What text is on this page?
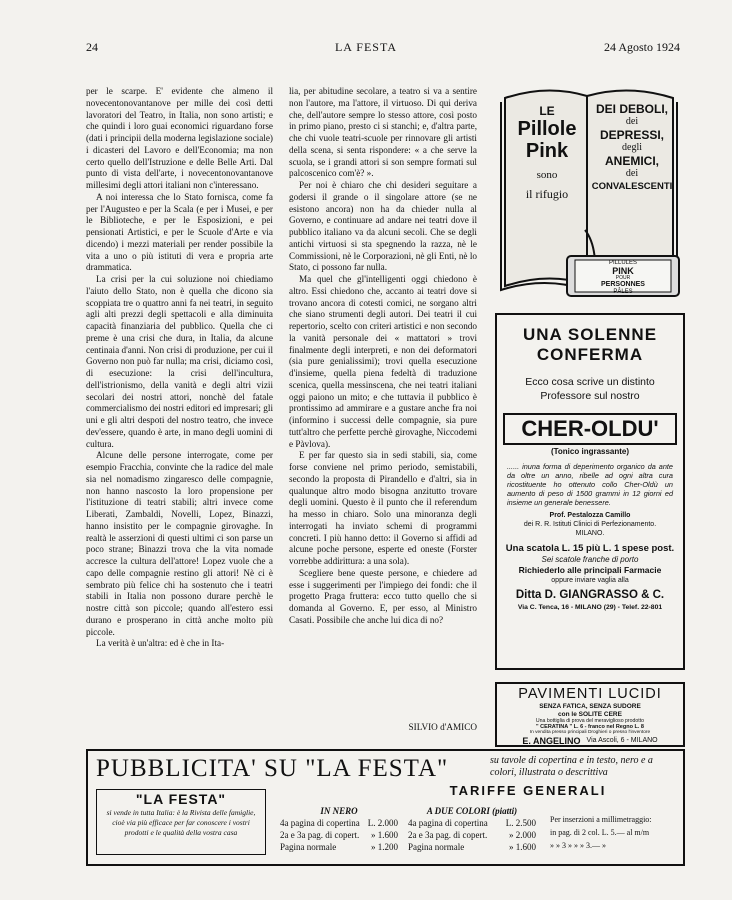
24	LA FESTA	24 Agosto 1924

per le scarpe. E' evidente che almeno il novecentonovantanove per mille dei così detti lavoratori del Teatro, in Italia, non sono artisti; e che quindi i loro guai economici riguardano forse (dati i principii della moderna legislazione sociale) i dicasteri del Lavoro e dell'Economia; ma non certo quello dell'Istruzione e delle Belle Arti. Dal punto di vista dell'arte, i novecentonovantanove millesimi degli attori italiani non c'interessano.

A noi interessa che lo Stato fornisca, come fa per l'Augusteo e per la Scala (e per i Musei, e per le Biblioteche, e per le Esposizioni, e pei pensionati Artistici, e per le Scuole d'Arte e via dicendo) i mezzi materiali per render possibile la vita a uno o più istituti di vera e propria arte drammatica.

La crisi per la cui soluzione noi chiediamo l'aiuto dello Stato, non è quella che dicono sia scoppiata tre o quattro anni fa nei teatri, in seguito agli alti prezzi degli spettacoli e alla diminuita capacità finanziaria del pubblico. Quella che ci preme è una crisi che dura, in Italia, da alcune centinaia d'anni. Non crisi di produzione, per cui il Governo non può far nulla; ma crisi, diciamo così, di esecuzione: la crisi dell'incultura, dell'istrionismo, della vanità e degli altri vizii secolari dei nostri attori, nonchè del fatale commercialismo dei nostri editori ed impresari; gli uni e gli altri despoti del nostro teatro, che invece dev'essere, quando è arte, in mano degli uomini di cultura.

Alcune delle persone interrogate, come per esempio Fracchia, convinte che la radice del male sia nel nomadismo zingaresco delle compagnie, non hanno nascosto la loro propensione per l'istituzione di teatri stabili; altri invece come Liberati, Zambaldi, Novelli, Lopez, Binazzi, hanno insistito per le compagnie girovaghe. In realtà le asserzioni di questi ultimi ci son parse un poco strane; Binazzi trova che la vita nomade accresce la cultura dell'attore! Lopez vuole che a capo delle compagnie restino gli attori! Nè ci è sembrato più felice chi ha sostenuto che i teatri stabili in Italia non possono durare perchè le nostre città son piccole; quando all'estero essi durano e prosperano in città anche molto più piccole.

La verità è un'altra: ed è che in Ita-

lia, per abitudine secolare, a teatro si va a sentire non l'autore, ma l'attore, il virtuoso. Di qui deriva che, dell'autore sempre lo stesso attore, così posto in primo piano, presto ci si stanchi; e, d'altra parte, che chi vuole teatri-scuole per rinnovare gli artisti della scena, si senta rispondere: « a che serve la scuola, se i grandi attori si son sempre formati sul palcoscenico com'è? ».

Per noi è chiaro che chi desideri seguitare a godersi il grande o il singolare attore (se ne esistono ancora) non ha da chieder nulla al Governo, e continuare ad andare nei teatri dove il pubblico italiano va da alcuni secoli. Che se degli antichi virtuosi si sta spegnendo la razza, nè le Commissioni, nè le Corporazioni, nè gli Enti, nè lo Stato, ci possono far nulla.

Ma quel che gl'intelligenti oggi chiedono è altro. Essi chiedono che, accanto ai teatri dove si trovano ancora di cotesti comici, ne sorgano altri che siano strumenti degli autori. Dei teatri il cui repertorio, scelto con criteri artistici e non secondo la vanità personale dei « mattatori » trovi finalmente degli interpreti, e non dei deformatori (sia pure genialissimi); trovi quella esecuzione d'insieme, quella piena fedeltà di traduzione scenica, quella messinscena, che nei teatri italiani oggi paiono un mito; e che tuttavia il pubblico è prontissimo ad ammirare e a gustare anche fra noi (informino i successi delle compagnie, sia pure tutt'altro che perfette perchè girovaghe, Niccodemi e Pàvlova).

E per far questo sia in sedi stabili, sia, come forse conviene nel primo periodo, semistabili, secondo la proposta di Pirandello e d'altri, sia in qualunque altro modo bisogna anzitutto trovare degli uomini. Questo è il punto che il referendum ha messo in chiaro. Solo una minoranza degli interrogati ha inviato schemi di programmi concreti. I più hanno detto: il Governo si affidi ad alcune poche persone, esperte ed oneste (Forster vorrebbe addirittura: a una sola).

Scegliere bene queste persone, e chiedere ad esse i suggerimenti per l'impiego dei fondi: che il progetto Praga fruttera: ecco tutto quello che si domanda al Governo. E, per esso, al Ministro Casati. Possibile che anche lui dica di no?

SILVIO d'AMICO
LE
Pillole
Pink
sono
il rifugio
DEI DEBOLI,
dei
DEPRESSI,
degli
ANEMICI,
dei
CONVALESCENTI
PILLULES
PINK
POUR
PERSONNES
PÂLES
UNA SOLENNE
CONFERMA
Ecco cosa scrive un distinto
Professore sul nostro
CHER-OLDU'
(Tonico ingrassante)
...... inuna forma di deperimento organico da ante da oltre un anno, ribelle ad ogni altra cura ricostituente ho ottenuto collo Cher-Oldù un aumento di peso di 1500 grammi in 12 giorni ed insieme un generale benessere.
Prof. Pestalozza Camillo
dei R. R. Istituti Clinici di Perfezionamento.
MILANO.
Una scatola L. 15 più L. 1 spese post.
Sei scatole franche di porto
Richiederlo alle principali Farmacie
oppure inviare vaglia alla
Ditta D. GIANGRASSO & C.
Via C. Tenca, 16 - MILANO (29) - Telef. 22-801
PAVIMENTI LUCIDI
SENZA FATICA, SENZA SUDORE
con le SOLITE CERE
Una bottiglia di prova del meraviglioso prodotto
" CERATINA " L. 6 - franco nel Regno L. 8
In vendita presso principali Droghieri o presso l'inventore
E. ANGELINO Via Ascoli, 6 - MILANO
PUBBLICITA' SU "LA FESTA"	su tavole di copertina e in testo, nero e a colori, illustrata o descrittiva
TARIFFE GENERALI
"LA FESTA"
si vende in tutta Italia: è la Rivista delle famiglie, cioè via più efficace per far conoscere i vostri prodotti e le qualità della vostra casa
IN NERO
4a pagina di copertina L. 2.000
2a e 3a pag. di copert. » 1.600
Pagina normale	» 1.200
A DUE COLORI (piatti)
4a pagina di copertina L. 2.500
2a e 3a pag. di copert. » 2.000
Pagina normale	» 1.600
Per inserzioni a millimetraggio:
in pag. di 2 col. L. 5.— al m/m
» » 3 » » » 3.— »
